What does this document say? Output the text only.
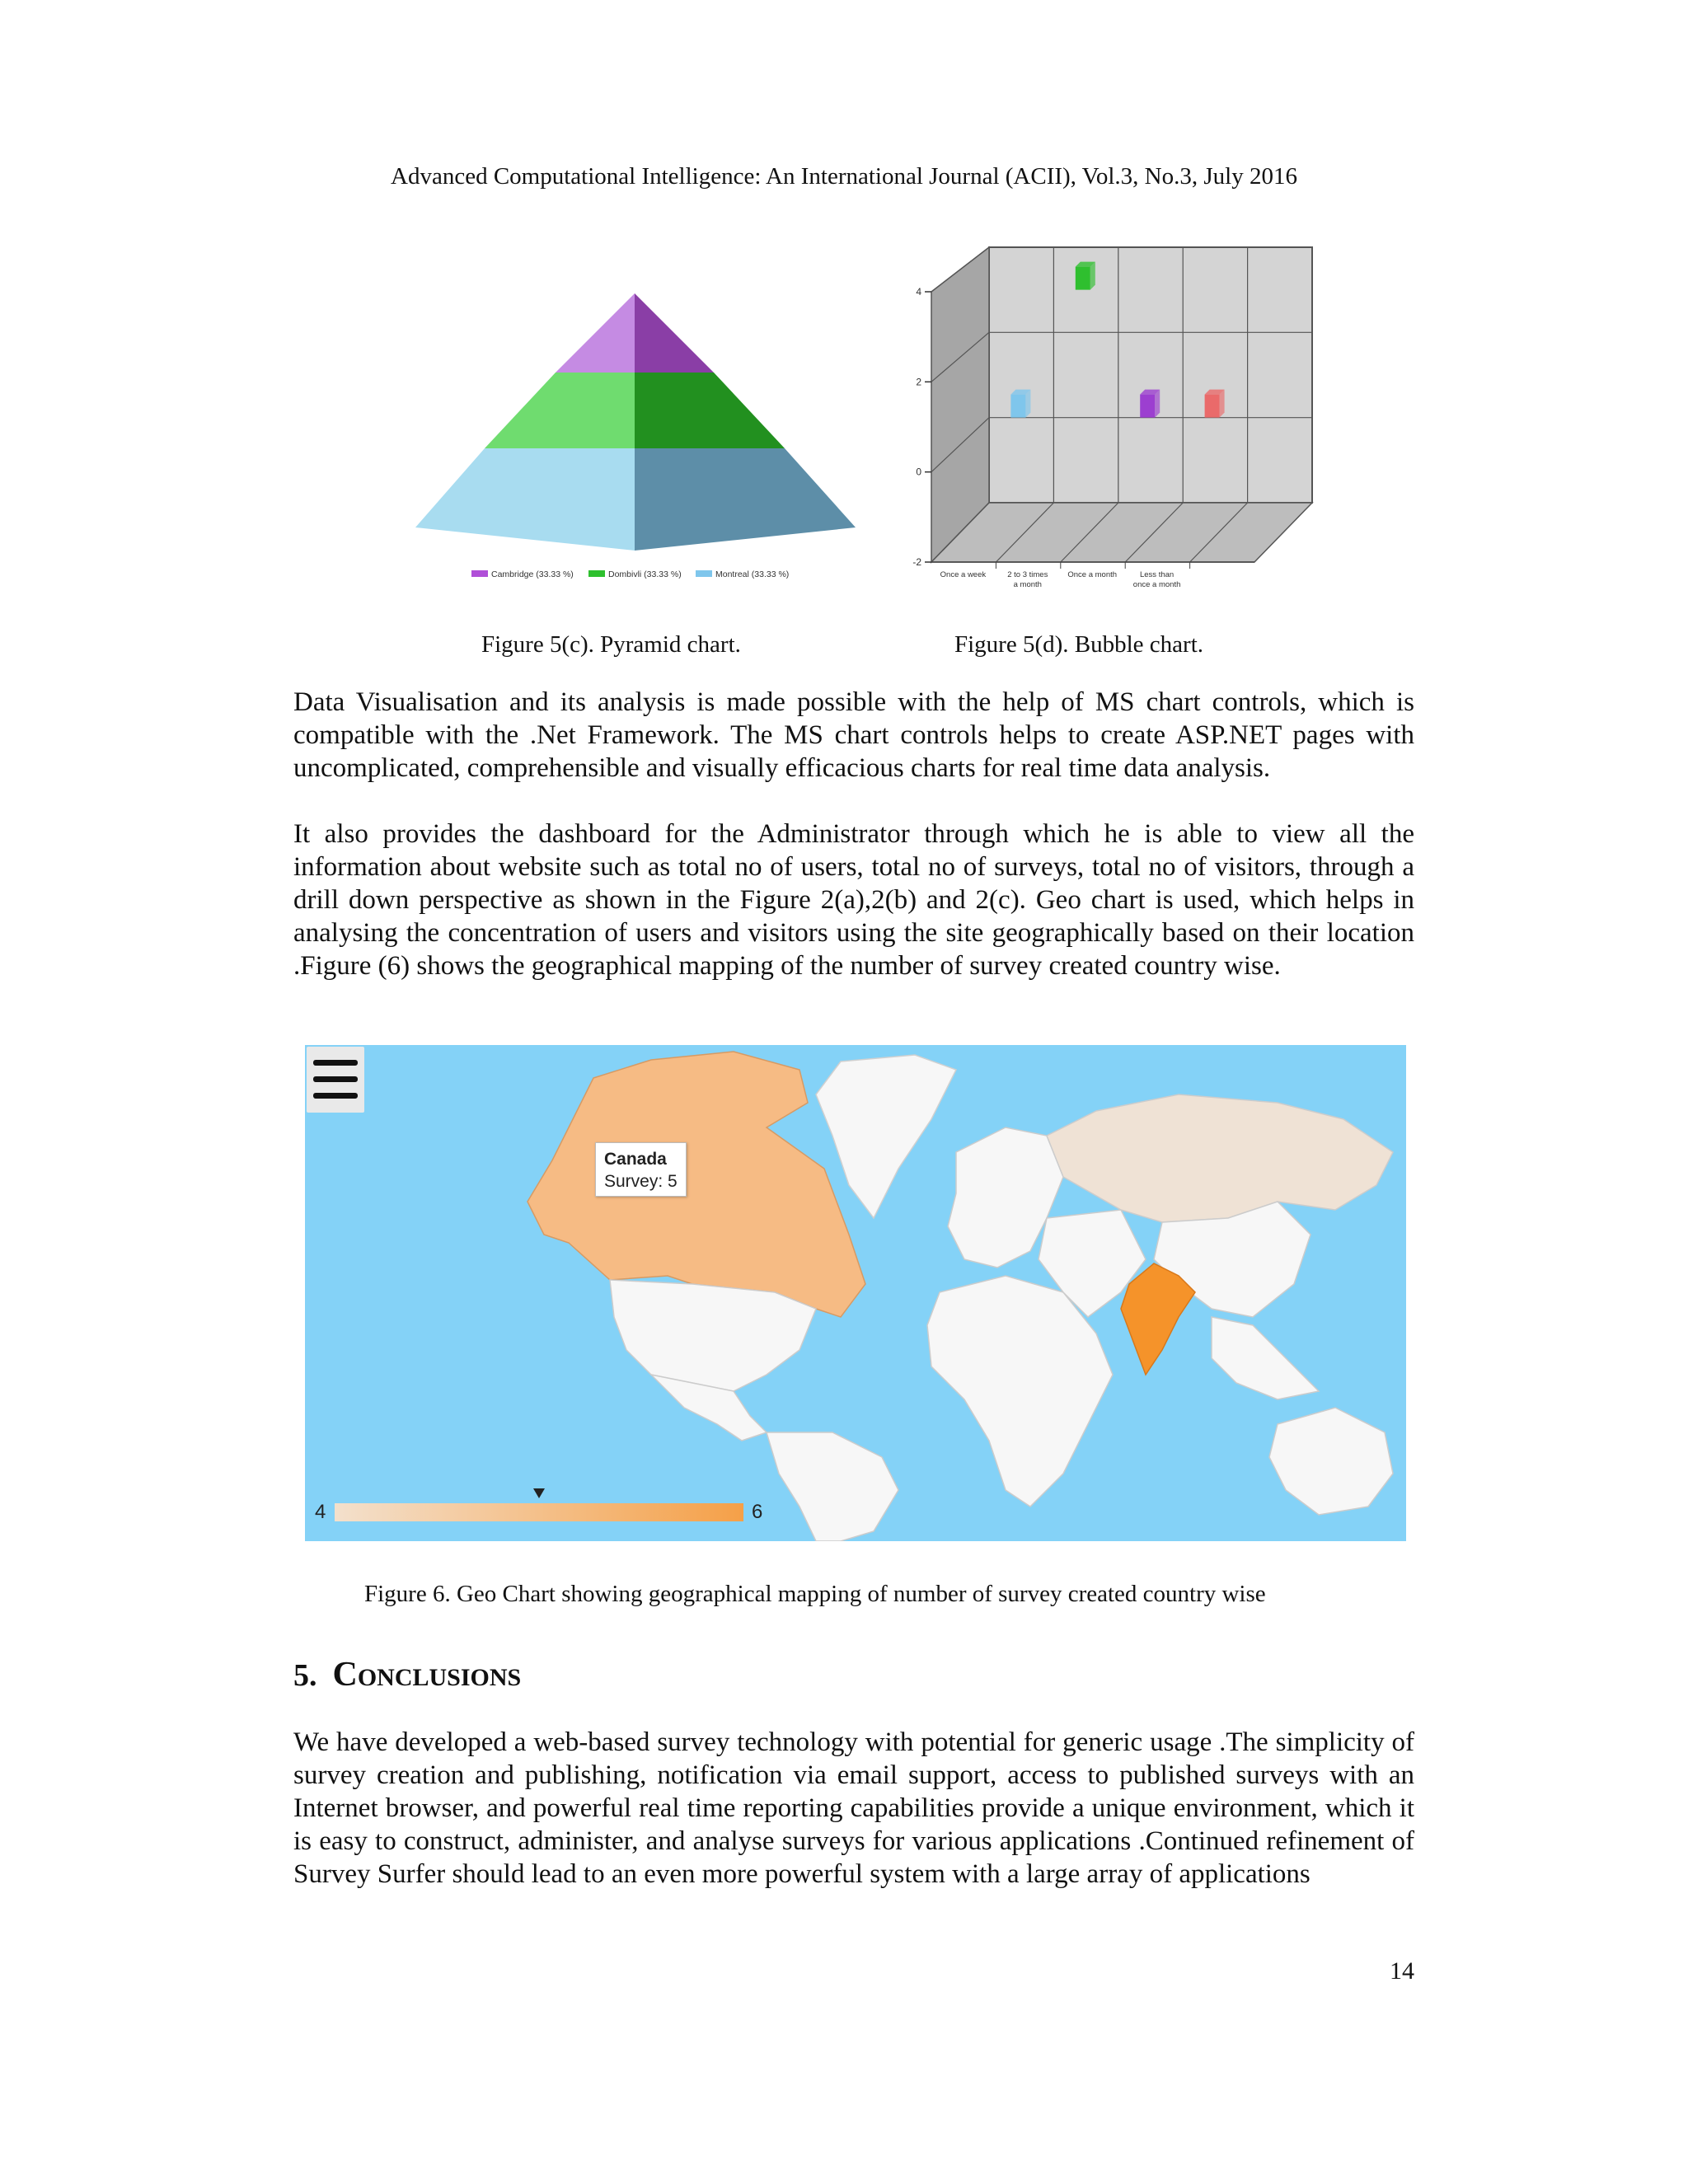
Advanced Computational Intelligence: An International Journal (ACII), Vol.3, No.3, July 2016
Cambridge (33.33 %)	Dombivli (33.33 %)	Montreal (33.33 %)
Figure 5(c). Pyramid chart.
-2
0
2
4
Once a week	2 to 3 times
a month
Once a month	Less than
once a month
Figure 5(d). Bubble chart.

Data Visualisation and its analysis is made possible with the help of MS chart controls, which is compatible with the .Net Framework. The MS chart controls helps to create ASP.NET pages with uncomplicated, comprehensible and visually efficacious charts for real time data analysis.

It also provides the dashboard for the Administrator through which he is able to view all the information about website such as total no of users, total no of surveys, total no of visitors, through a drill down perspective as shown in the Figure 2(a),2(b) and 2(c). Geo chart is used, which helps in analysing the concentration of users and visitors using the site geographically based on their location .Figure (6) shows the geographical mapping of the number of survey created country wise.

Canada
Survey: 5
4	6
Figure 6. Geo Chart showing geographical mapping of number of survey created country wise
5. CONCLUSIONS

We have developed a web-based survey technology with potential for generic usage .The simplicity of survey creation and publishing, notification via email support, access to published surveys with an Internet browser, and powerful real time reporting capabilities provide a unique environment, which it is easy to construct, administer, and analyse surveys for various applications .Continued refinement of Survey Surfer should lead to an even more powerful system with a large array of applications

14
